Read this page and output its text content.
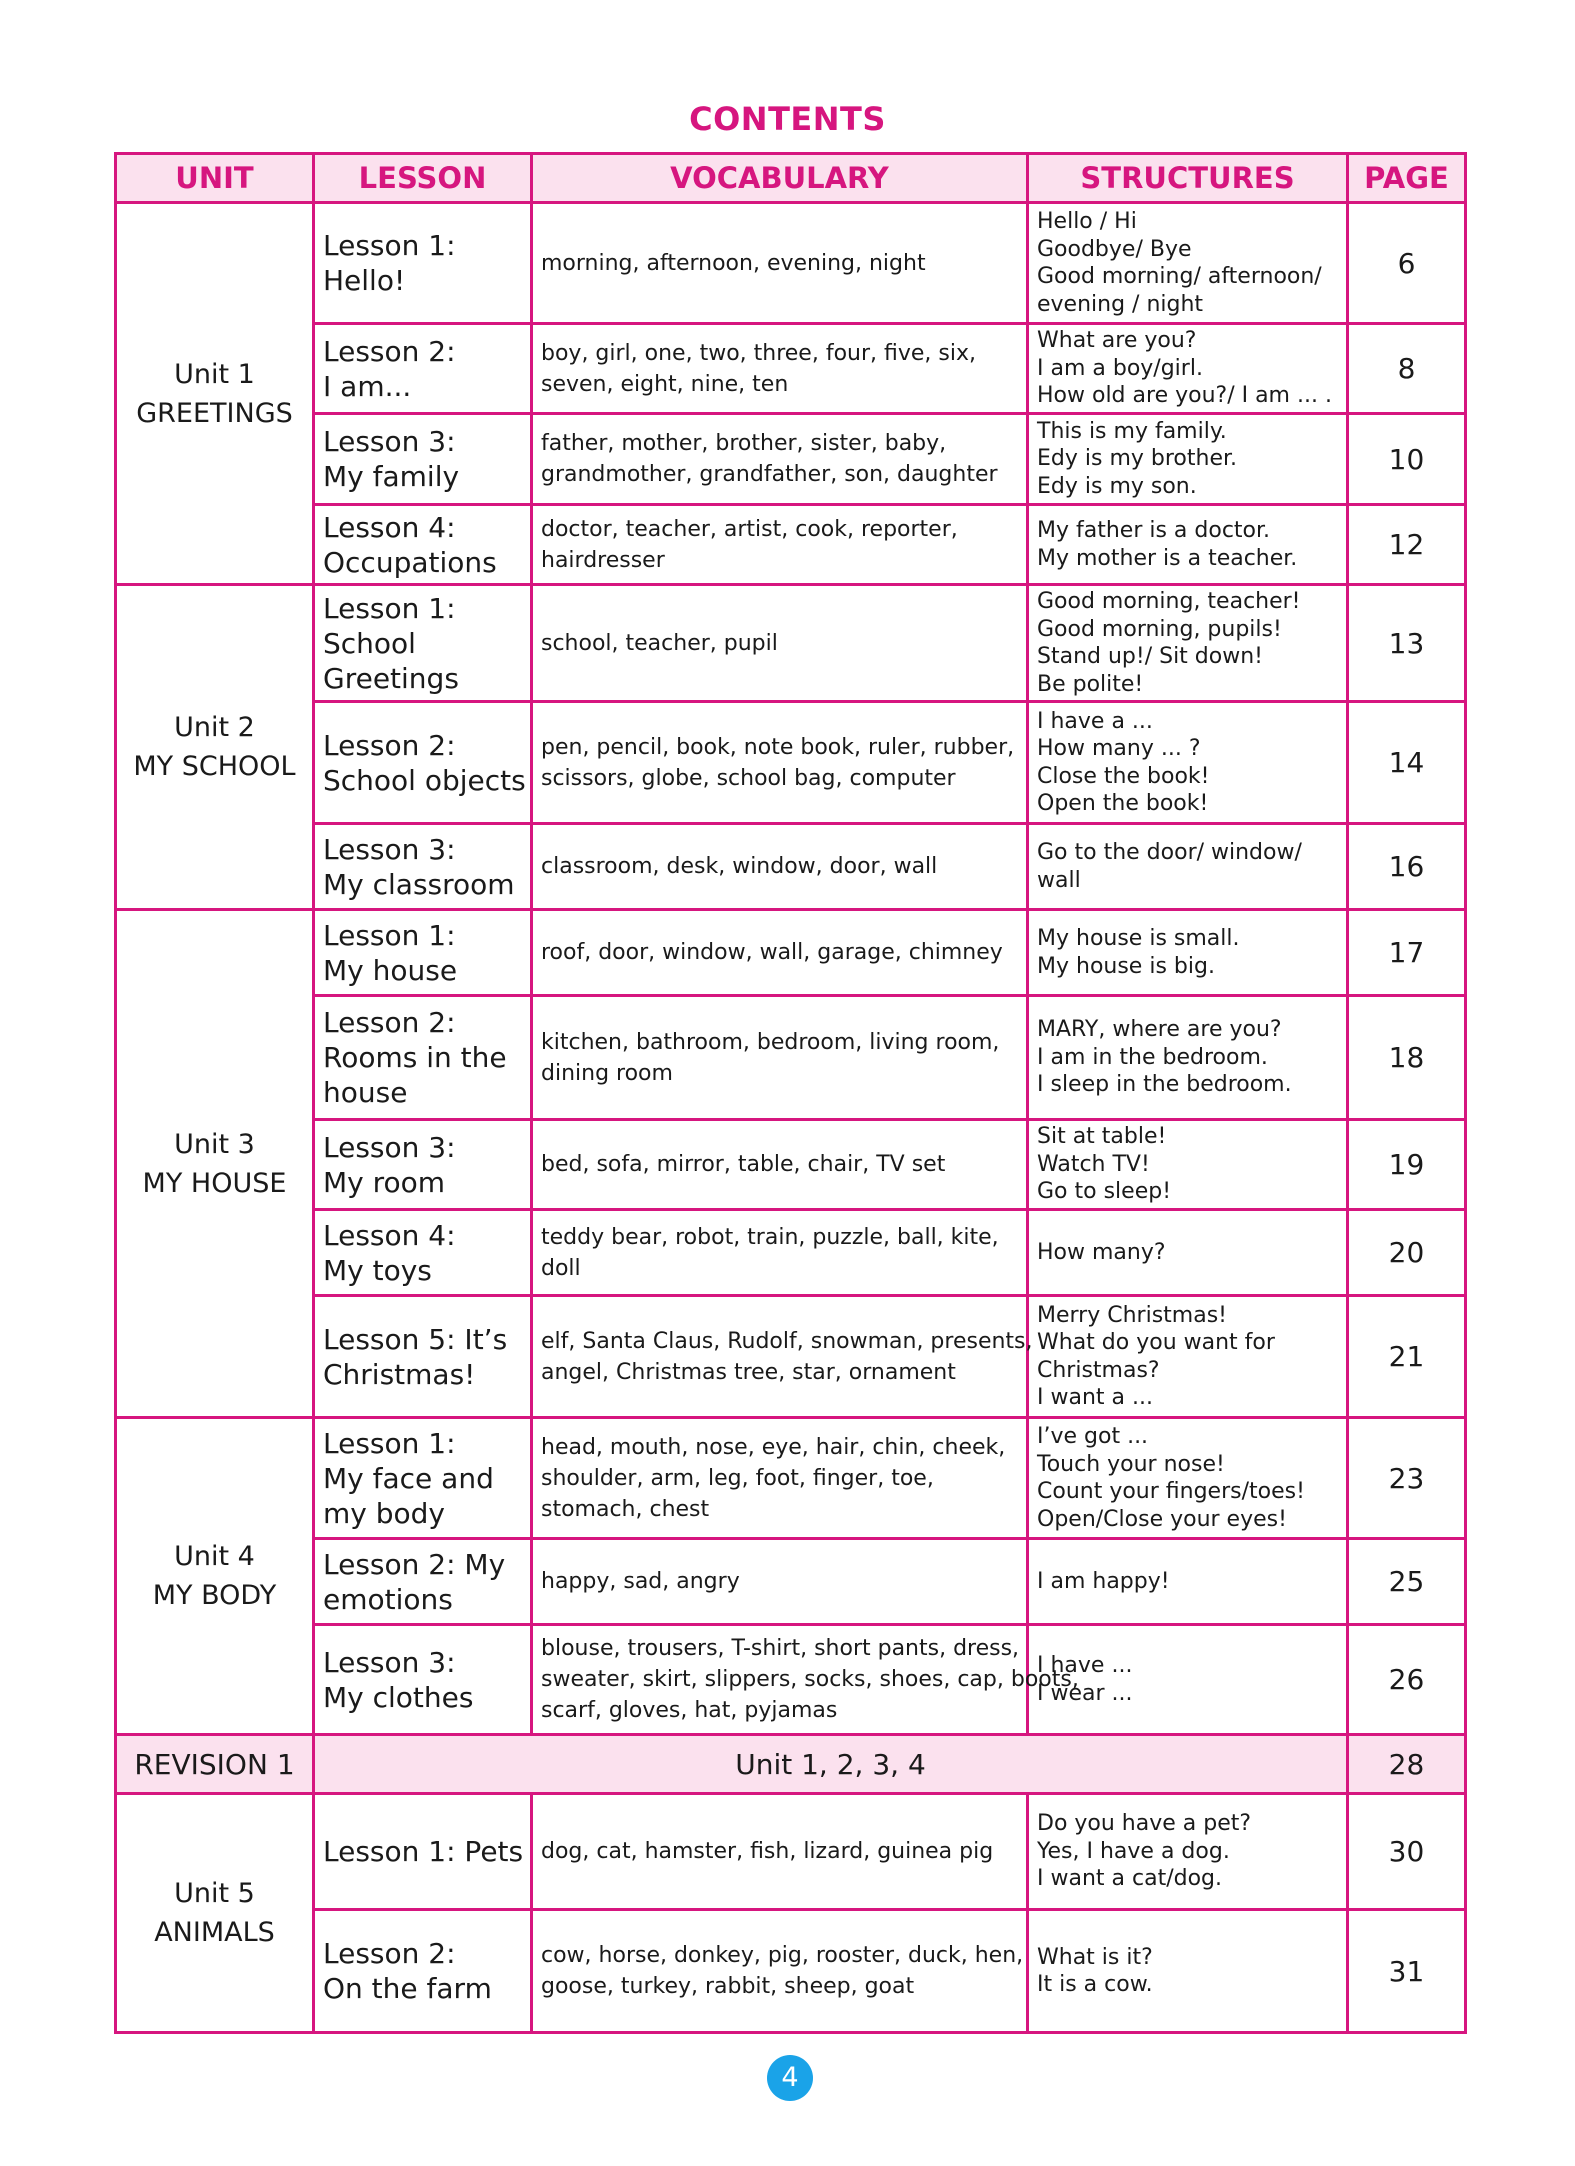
CONTENTS
UNIT	LESSON	VOCABULARY	STRUCTURES	PAGE

Unit 1
GREETINGS	Lesson 1:
Hello!	morning, afternoon, evening, night	Hello / Hi
Goodbye/ Bye
Good morning/ afternoon/
evening / night	6

	Lesson 2:
I am...	boy, girl, one, two, three, four, five, six,
seven, eight, nine, ten	What are you?
I am a boy/girl.
How old are you?/ I am ... .	8

	Lesson 3:
My family	father, mother, brother, sister, baby,
grandmother, grandfather, son, daughter	This is my family.
Edy is my brother.
Edy is my son.	10

	Lesson 4:
Occupations	doctor, teacher, artist, cook, reporter,
hairdresser	My father is a doctor.
My mother is a teacher.	12

Unit 2
MY SCHOOL	Lesson 1:
School
Greetings	school, teacher, pupil	Good morning, teacher!
Good morning, pupils!
Stand up!/ Sit down!
Be polite!	13

	Lesson 2:
School objects	pen, pencil, book, note book, ruler, rubber,
scissors, globe, school bag, computer	I have a ...
How many ... ?
Close the book!
Open the book!	14

	Lesson 3:
My classroom	classroom, desk, window, door, wall	Go to the door/ window/
wall	16

Unit 3
MY HOUSE	Lesson 1:
My house	roof, door, window, wall, garage, chimney	My house is small.
My house is big.	17

	Lesson 2:
Rooms in the
house	kitchen, bathroom, bedroom, living room,
dining room	MARY, where are you?
I am in the bedroom.
I sleep in the bedroom.	18

	Lesson 3:
My room	bed, sofa, mirror, table, chair, TV set	Sit at table!
Watch TV!
Go to sleep!	19

	Lesson 4:
My toys	teddy bear, robot, train, puzzle, ball, kite,
doll	How many?	20

	Lesson 5: It’s
Christmas!	elf, Santa Claus, Rudolf, snowman, presents,
angel, Christmas tree, star, ornament	Merry Christmas!
What do you want for
Christmas?
I want a ...	21

Unit 4
MY BODY	Lesson 1:
My face and
my body	head, mouth, nose, eye, hair, chin, cheek,
shoulder, arm, leg, foot, finger, toe,
stomach, chest	I’ve got ...
Touch your nose!
Count your fingers/toes!
Open/Close your eyes!	23

	Lesson 2: My
emotions	happy, sad, angry	I am happy!	25

	Lesson 3:
My clothes	blouse, trousers, T-shirt, short pants, dress,
sweater, skirt, slippers, socks, shoes, cap, boots,
scarf, gloves, hat, pyjamas	I have ...
I wear ...	26
REVISION 1	Unit 1, 2, 3, 4			28

Unit 5
ANIMALS	Lesson 1: Pets	dog, cat, hamster, fish, lizard, guinea pig	Do you have a pet?
Yes, I have a dog.
I want a cat/dog.	30

	Lesson 2:
On the farm	cow, horse, donkey, pig, rooster, duck, hen,
goose, turkey, rabbit, sheep, goat	What is it?
It is a cow.	31
4
